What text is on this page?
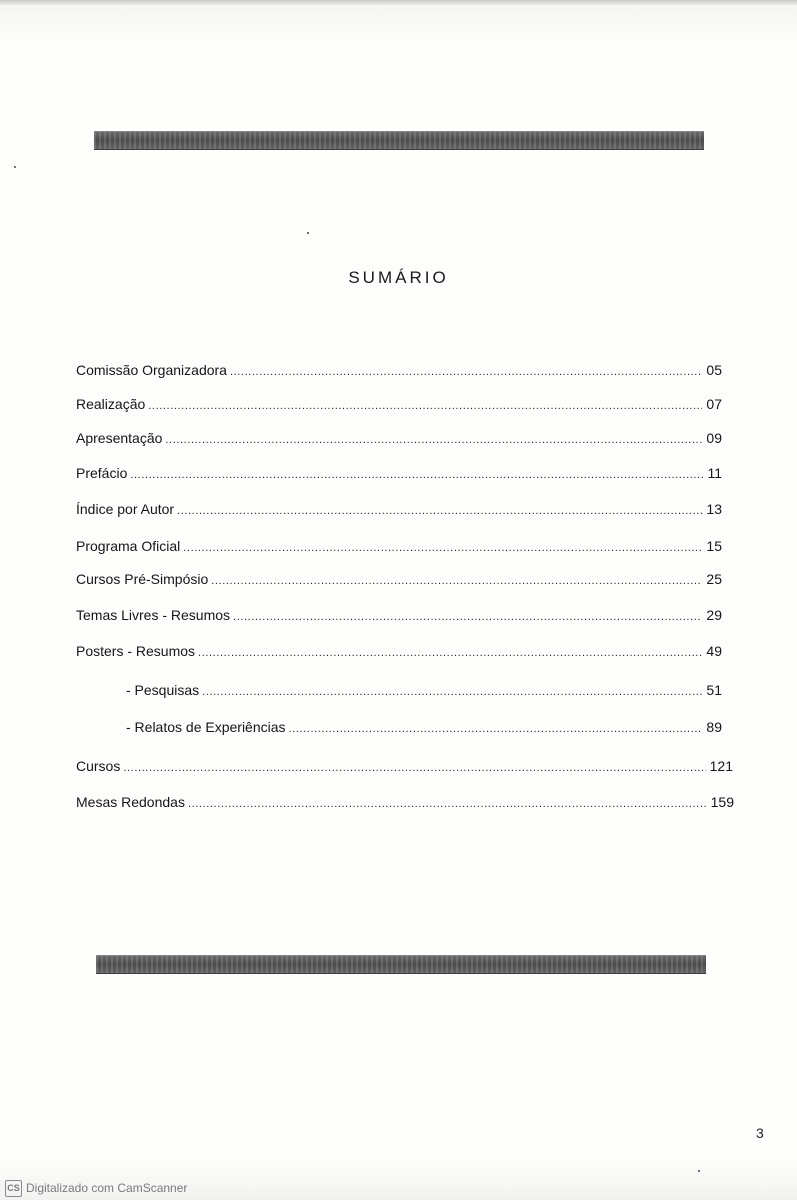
SUMÁRIO
Comissão Organizadora .....	05
Realização .....	07
Apresentação .....	09
Prefácio .....	11
Índice por Autor .....	13
Programa Oficial .....	15
Cursos Pré-Simpósio .....	25
Temas Livres - Resumos .....	29
Posters - Resumos .....	49
- Pesquisas .....	51
- Relatos de Experiências .....	89
Cursos .....	121
Mesas Redondas .....	159
3
CS Digitalizado com CamScanner
